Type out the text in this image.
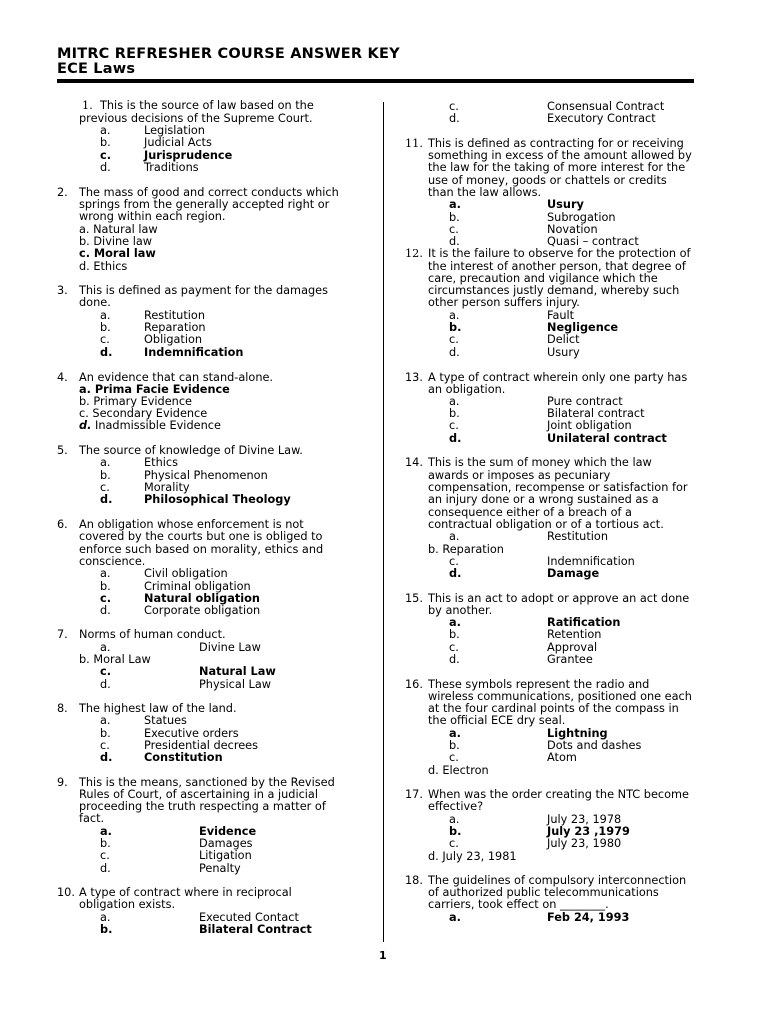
MITRC REFRESHER COURSE ANSWER KEY
ECE Laws
1. This is the source of law based on the
previous decisions of the Supreme Court.
a.	Legislation
b.	Judicial Acts
c.	Jurisprudence
d.	Traditions
2. The mass of good and correct conducts which
springs from the generally accepted right or
wrong within each region.
a. Natural law
b. Divine law
c. Moral law
d. Ethics
3. This is defined as payment for the damages
done.
a.	Restitution
b.	Reparation
c.	Obligation
d.	Indemnification
4. An evidence that can stand-alone.
a. Prima Facie Evidence
b. Primary Evidence
c. Secondary Evidence
d. Inadmissible Evidence
5. The source of knowledge of Divine Law.
a.	Ethics
b.	Physical Phenomenon
c.	Morality
d.	Philosophical Theology
6. An obligation whose enforcement is not
covered by the courts but one is obliged to
enforce such based on morality, ethics and
conscience.
a.	Civil obligation
b.	Criminal obligation
c.	Natural obligation
d.	Corporate obligation
7. Norms of human conduct.
a.	Divine Law
b. Moral Law
c.	Natural Law
d.	Physical Law
8. The highest law of the land.
a.	Statues
b.	Executive orders
c.	Presidential decrees
d.	Constitution
9. This is the means, sanctioned by the Revised
Rules of Court, of ascertaining in a judicial
proceeding the truth respecting a matter of
fact.
a.	Evidence
b.	Damages
c.	Litigation
d.	Penalty
10. A type of contract where in reciprocal
obligation exists.
a.	Executed Contact
b.	Bilateral Contract
c.	Consensual Contract
d.	Executory Contract
11. This is defined as contracting for or receiving
something in excess of the amount allowed by
the law for the taking of more interest for the
use of money, goods or chattels or credits
than the law allows.
a.	Usury
b.	Subrogation
c.	Novation
d.	Quasi – contract
12. It is the failure to observe for the protection of
the interest of another person, that degree of
care, precaution and vigilance which the
circumstances justly demand, whereby such
other person suffers injury.
a.	Fault
b.	Negligence
c.	Delict
d.	Usury
13. A type of contract wherein only one party has
an obligation.
a.	Pure contract
b.	Bilateral contract
c.	Joint obligation
d.	Unilateral contract
14. This is the sum of money which the law
awards or imposes as pecuniary
compensation, recompense or satisfaction for
an injury done or a wrong sustained as a
consequence either of a breach of a
contractual obligation or of a tortious act.
a.	Restitution
b. Reparation
c.	Indemnification
d.	Damage
15. This is an act to adopt or approve an act done
by another.
a.	Ratification
b.	Retention
c.	Approval
d.	Grantee
16. These symbols represent the radio and
wireless communications, positioned one each
at the four cardinal points of the compass in
the official ECE dry seal.
a.	Lightning
b.	Dots and dashes
c.	Atom
d. Electron
17. When was the order creating the NTC become
effective?
a.	July 23, 1978
b.	July 23 ,1979
c.	July 23, 1980
d. July 23, 1981
18. The guidelines of compulsory interconnection
of authorized public telecommunications
carriers, took effect on ________.
a.	Feb 24, 1993
1
